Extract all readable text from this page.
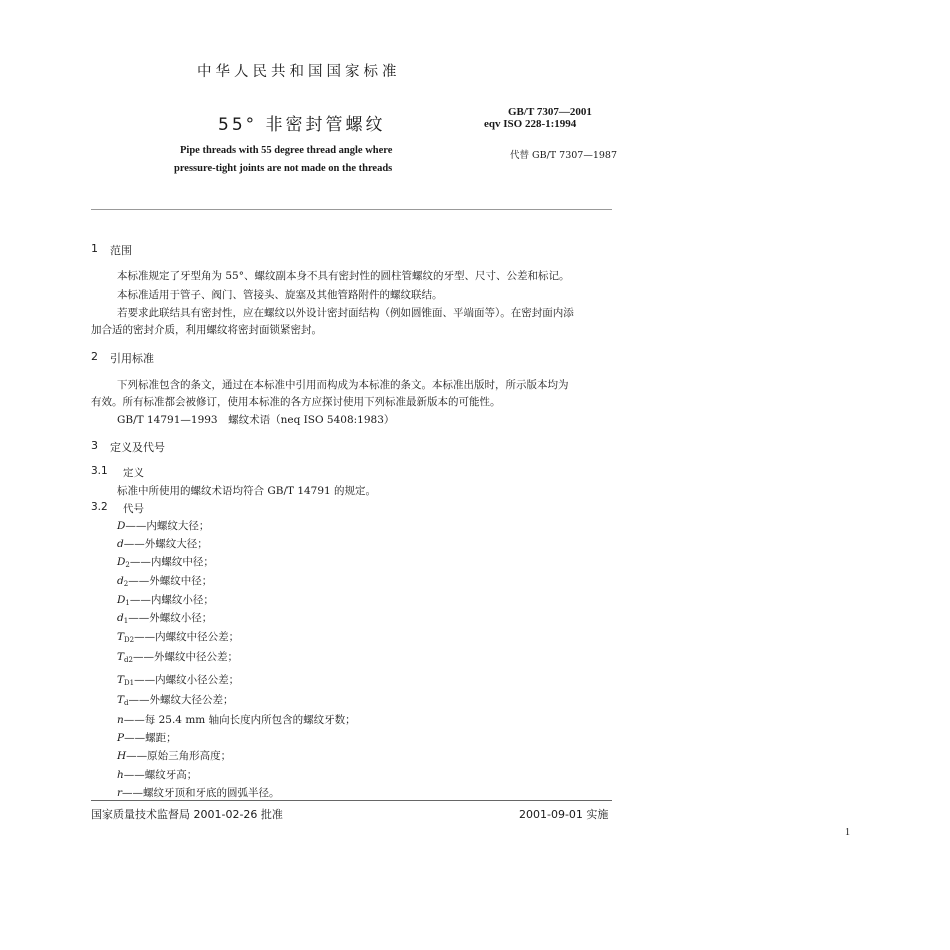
中华人民共和国国家标准
55° 非密封管螺纹
GB/T 7307—2001
eqv ISO 228-1:1994
Pipe threads with 55 degree thread angle where
pressure-tight joints are not made on the threads
代替 GB/T 7307—1987
1 范围
本标准规定了牙型角为 55°、螺纹副本身不具有密封性的圆柱管螺纹的牙型、尺寸、公差和标记。
本标准适用于管子、阀门、管接头、旋塞及其他管路附件的螺纹联结。
若要求此联结具有密封性，应在螺纹以外设计密封面结构（例如圆锥面、平端面等）。在密封面内添
加合适的密封介质，利用螺纹将密封面锁紧密封。
2 引用标准
下列标准包含的条文，通过在本标准中引用而构成为本标准的条文。本标准出版时，所示版本均为
有效。所有标准都会被修订，使用本标准的各方应探讨使用下列标准最新版本的可能性。
GB/T 14791—1993　螺纹术语（neq ISO 5408:1983）
3 定义及代号
3.1 定义
标准中所使用的螺纹术语均符合 GB/T 14791 的规定。
3.2 代号
D——内螺纹大径；
d——外螺纹大径；
$D_2——$内螺纹中径；
$d_2——$外螺纹中径；
$D_1——$内螺纹小径；
$d_1——$外螺纹小径；
$T_{D2}——$内螺纹中径公差；
$T_{d2}——$外螺纹中径公差；
$T_{D1}——$内螺纹小径公差；
$T_d——$外螺纹大径公差；
n——每 25.4 mm 轴向长度内所包含的螺纹牙数；
P——螺距；
H——原始三角形高度；
h——螺纹牙高；
r——螺纹牙顶和牙底的圆弧半径。
国家质量技术监督局 2001-02-26 批准	2001-09-01 实施
1
